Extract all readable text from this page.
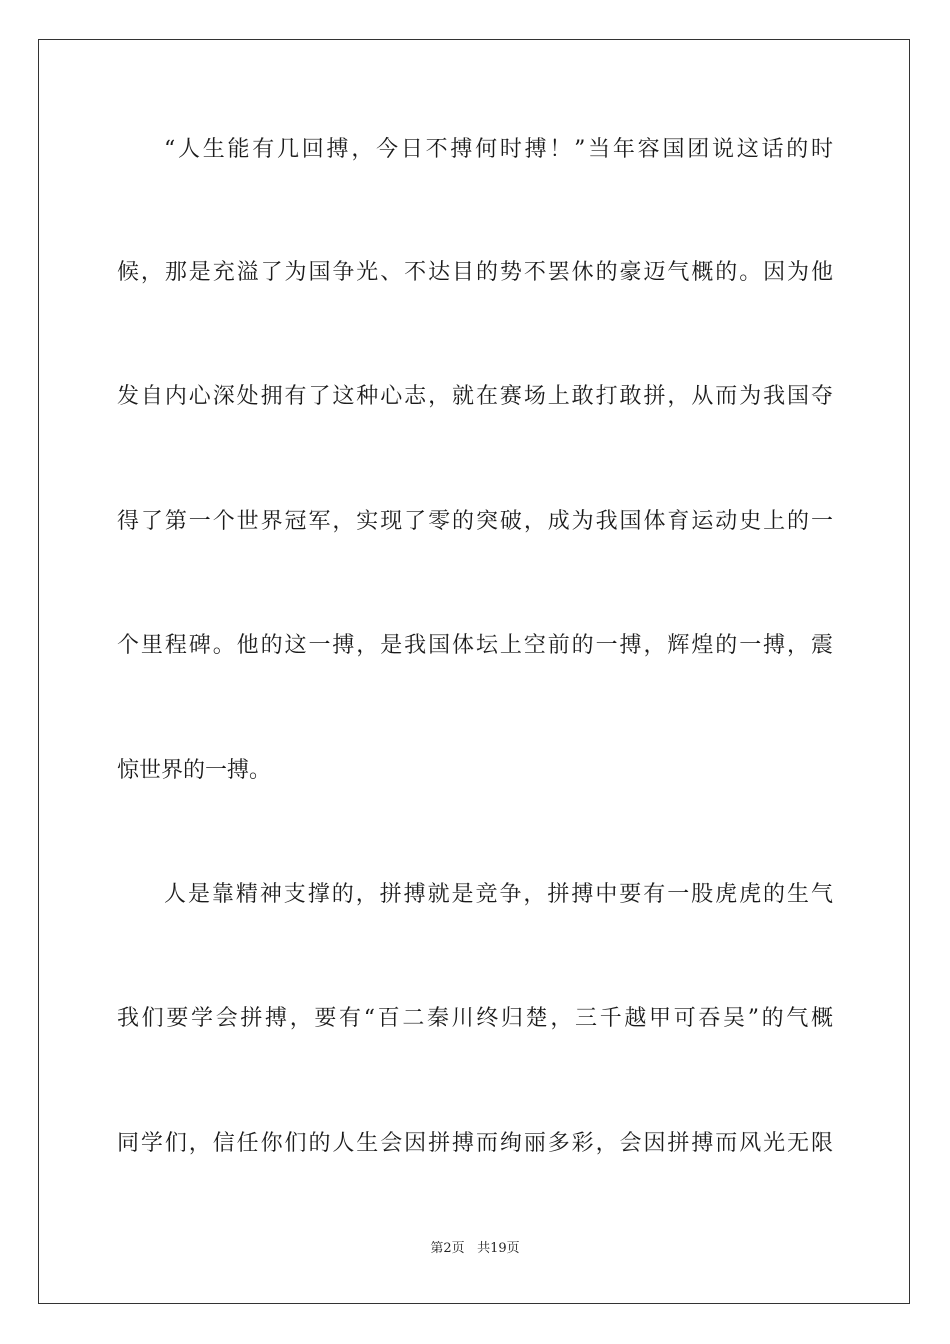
“人生能有几回搏，今日不搏何时搏！”当年容国团说这话的时
候，那是充溢了为国争光、不达目的势不罢休的豪迈气概的。因为他
发自内心深处拥有了这种心志，就在赛场上敢打敢拼，从而为我国夺
得了第一个世界冠军，实现了零的突破，成为我国体育运动史上的一
个里程碑。他的这一搏，是我国体坛上空前的一搏，辉煌的一搏，震
惊世界的一搏。
人是靠精神支撑的，拼搏就是竞争，拼搏中要有一股虎虎的生气
我们要学会拼搏，要有“百二秦川终归楚，三千越甲可吞吴”的气概
同学们，信任你们的人生会因拼搏而绚丽多彩，会因拼搏而风光无限
第2页 共19页
